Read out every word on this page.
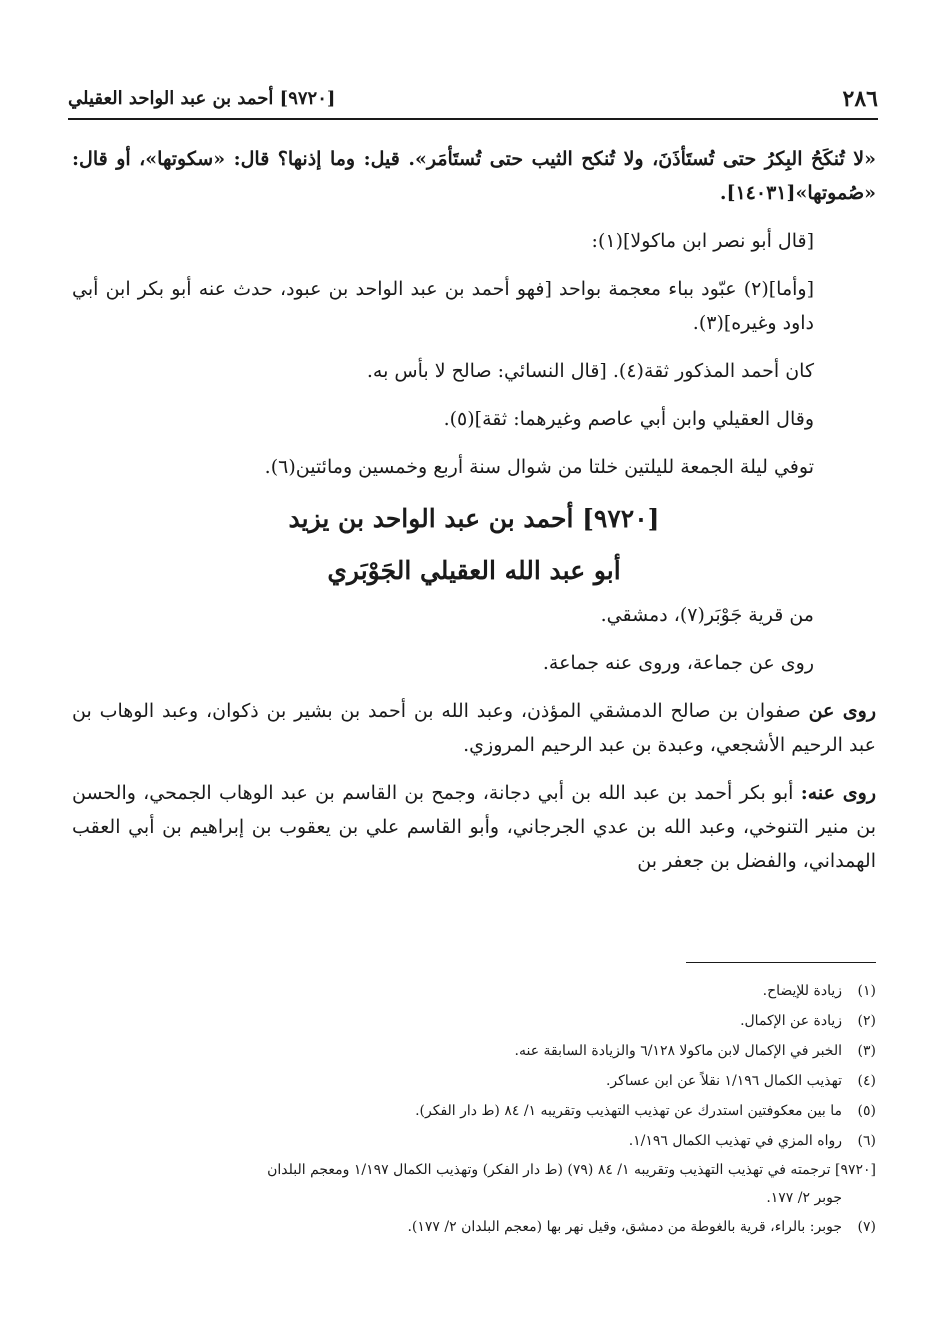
٢٨٦
[٩٧٢٠] أحمد بن عبد الواحد العقيلي

«لا تُنكَحُ البِكرُ حتى تُستَأذَنَ، ولا تُنكح الثيب حتى تُستَأمَر». قيل: وما إذنها؟ قال: «سكوتها»، أو قال: «صُموتها»[١٤٠٣١].

[قال أبو نصر ابن ماكولا](١):

[وأما](٢) عبّود بباء معجمة بواحد [فهو أحمد بن عبد الواحد بن عبود، حدث عنه أبو بكر ابن أبي داود وغيره](٣).

كان أحمد المذكور ثقة(٤). [قال النسائي: صالح لا بأس به.

وقال العقيلي وابن أبي عاصم وغيرهما: ثقة](٥).

توفي ليلة الجمعة لليلتين خلتا من شوال سنة أربع وخمسين ومائتين(٦).

[٩٧٢٠] أحمد بن عبد الواحد بن يزيد
أبو عبد الله العقيلي الجَوْبَري

من قرية جَوْبَر(٧)، دمشقي.

روى عن جماعة، وروى عنه جماعة.

روى عن صفوان بن صالح الدمشقي المؤذن، وعبد الله بن أحمد بن بشير بن ذكوان، وعبد الوهاب بن عبد الرحيم الأشجعي، وعبدة بن عبد الرحيم المروزي.

روى عنه: أبو بكر أحمد بن عبد الله بن أبي دجانة، وجمح بن القاسم بن عبد الوهاب الجمحي، والحسن بن منير التنوخي، وعبد الله بن عدي الجرجاني، وأبو القاسم علي بن يعقوب بن إبراهيم بن أبي العقب الهمداني، والفضل بن جعفر بن

(١)زيادة للإيضاح.

(٢)زيادة عن الإكمال.

(٣)الخبر في الإكمال لابن ماكولا ٦/١٢٨ والزيادة السابقة عنه.

(٤)تهذيب الكمال ١/١٩٦ نقلاً عن ابن عساكر.

(٥)ما بين معكوفتين استدرك عن تهذيب التهذيب وتقريبه ١/ ٨٤ (ط دار الفكر).

(٦)رواه المزي في تهذيب الكمال ١/١٩٦.

[٩٧٢٠] ترجمته في تهذيب التهذيب وتقريبه ١/ ٨٤ (٧٩) (ط دار الفكر) وتهذيب الكمال ١/١٩٧ ومعجم البلدان

جوبر ٢/ ١٧٧.

(٧)جوبر: بالراء، قرية بالغوطة من دمشق، وقيل نهر بها (معجم البلدان ٢/ ١٧٧).
